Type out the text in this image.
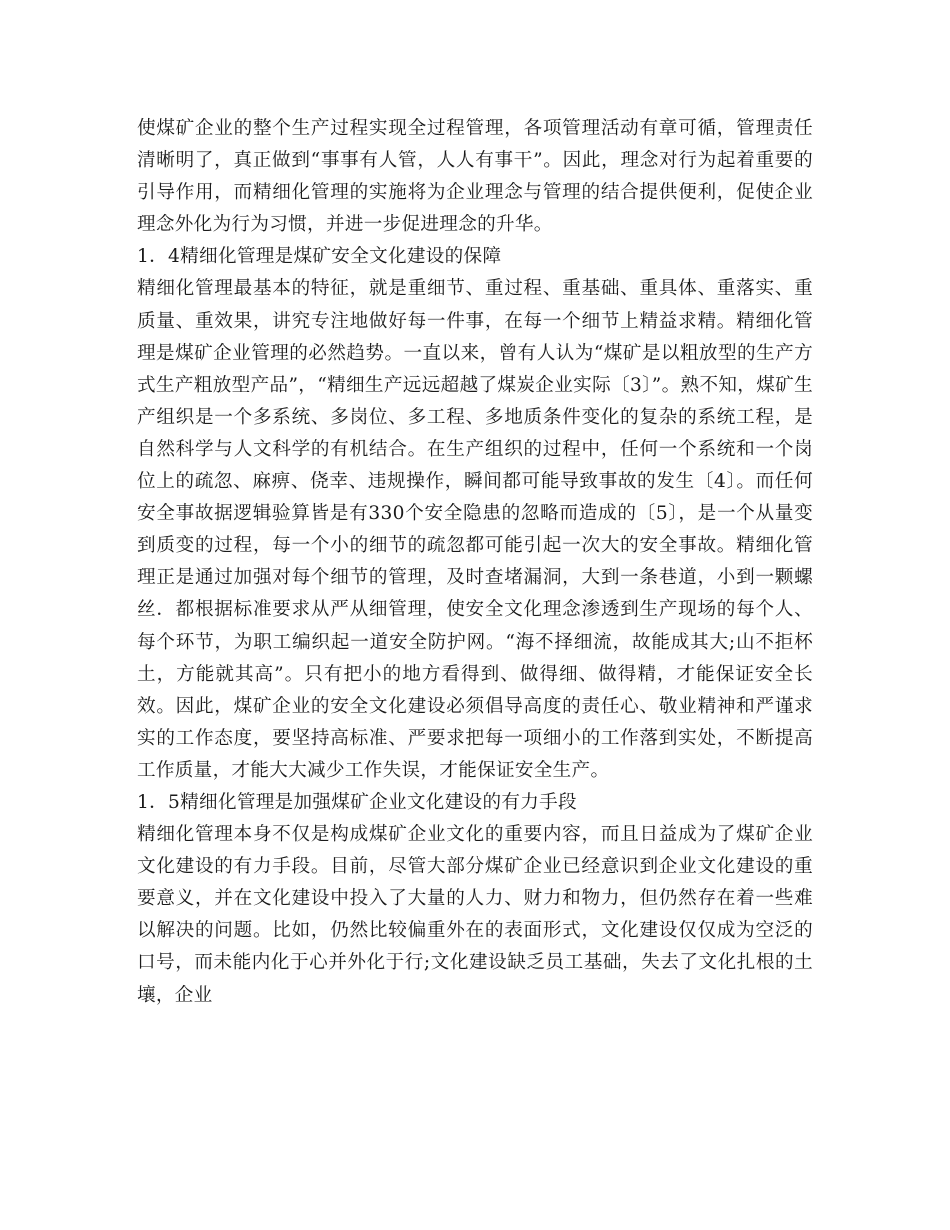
使煤矿企业的整个生产过程实现全过程管理，各项管理活动有章可循，管理责任清晰明了，真正做到“事事有人管，人人有事干”。因此，理念对行为起着重要的引导作用，而精细化管理的实施将为企业理念与管理的结合提供便利，促使企业理念外化为行为习惯，并进一步促进理念的升华。

1．4精细化管理是煤矿安全文化建设的保障

精细化管理最基本的特征，就是重细节、重过程、重基础、重具体、重落实、重质量、重效果，讲究专注地做好每一件事，在每一个细节上精益求精。精细化管理是煤矿企业管理的必然趋势。一直以来，曾有人认为“煤矿是以粗放型的生产方式生产粗放型产品”，“精细生产远远超越了煤炭企业实际〔3〕”。熟不知，煤矿生产组织是一个多系统、多岗位、多工程、多地质条件变化的复杂的系统工程，是自然科学与人文科学的有机结合。在生产组织的过程中，任何一个系统和一个岗位上的疏忽、麻痹、侥幸、违规操作，瞬间都可能导致事故的发生〔4〕。而任何安全事故据逻辑验算皆是有330个安全隐患的忽略而造成的〔5〕，是一个从量变到质变的过程，每一个小的细节的疏忽都可能引起一次大的安全事故。精细化管理正是通过加强对每个细节的管理，及时查堵漏洞，大到一条巷道，小到一颗螺丝．都根据标准要求从严从细管理，使安全文化理念渗透到生产现场的每个人、每个环节，为职工编织起一道安全防护网。“海不择细流，故能成其大;山不拒杯土，方能就其高”。只有把小的地方看得到、做得细、做得精，才能保证安全长效。因此，煤矿企业的安全文化建设必须倡导高度的责任心、敬业精神和严谨求实的工作态度，要坚持高标准、严要求把每一项细小的工作落到实处，不断提高工作质量，才能大大减少工作失误，才能保证安全生产。

1．5精细化管理是加强煤矿企业文化建设的有力手段

精细化管理本身不仅是构成煤矿企业文化的重要内容，而且日益成为了煤矿企业文化建设的有力手段。目前，尽管大部分煤矿企业已经意识到企业文化建设的重要意义，并在文化建设中投入了大量的人力、财力和物力，但仍然存在着一些难以解决的问题。比如，仍然比较偏重外在的表面形式，文化建设仅仅成为空泛的口号，而未能内化于心并外化于行;文化建设缺乏员工基础，失去了文化扎根的土壤，企业
